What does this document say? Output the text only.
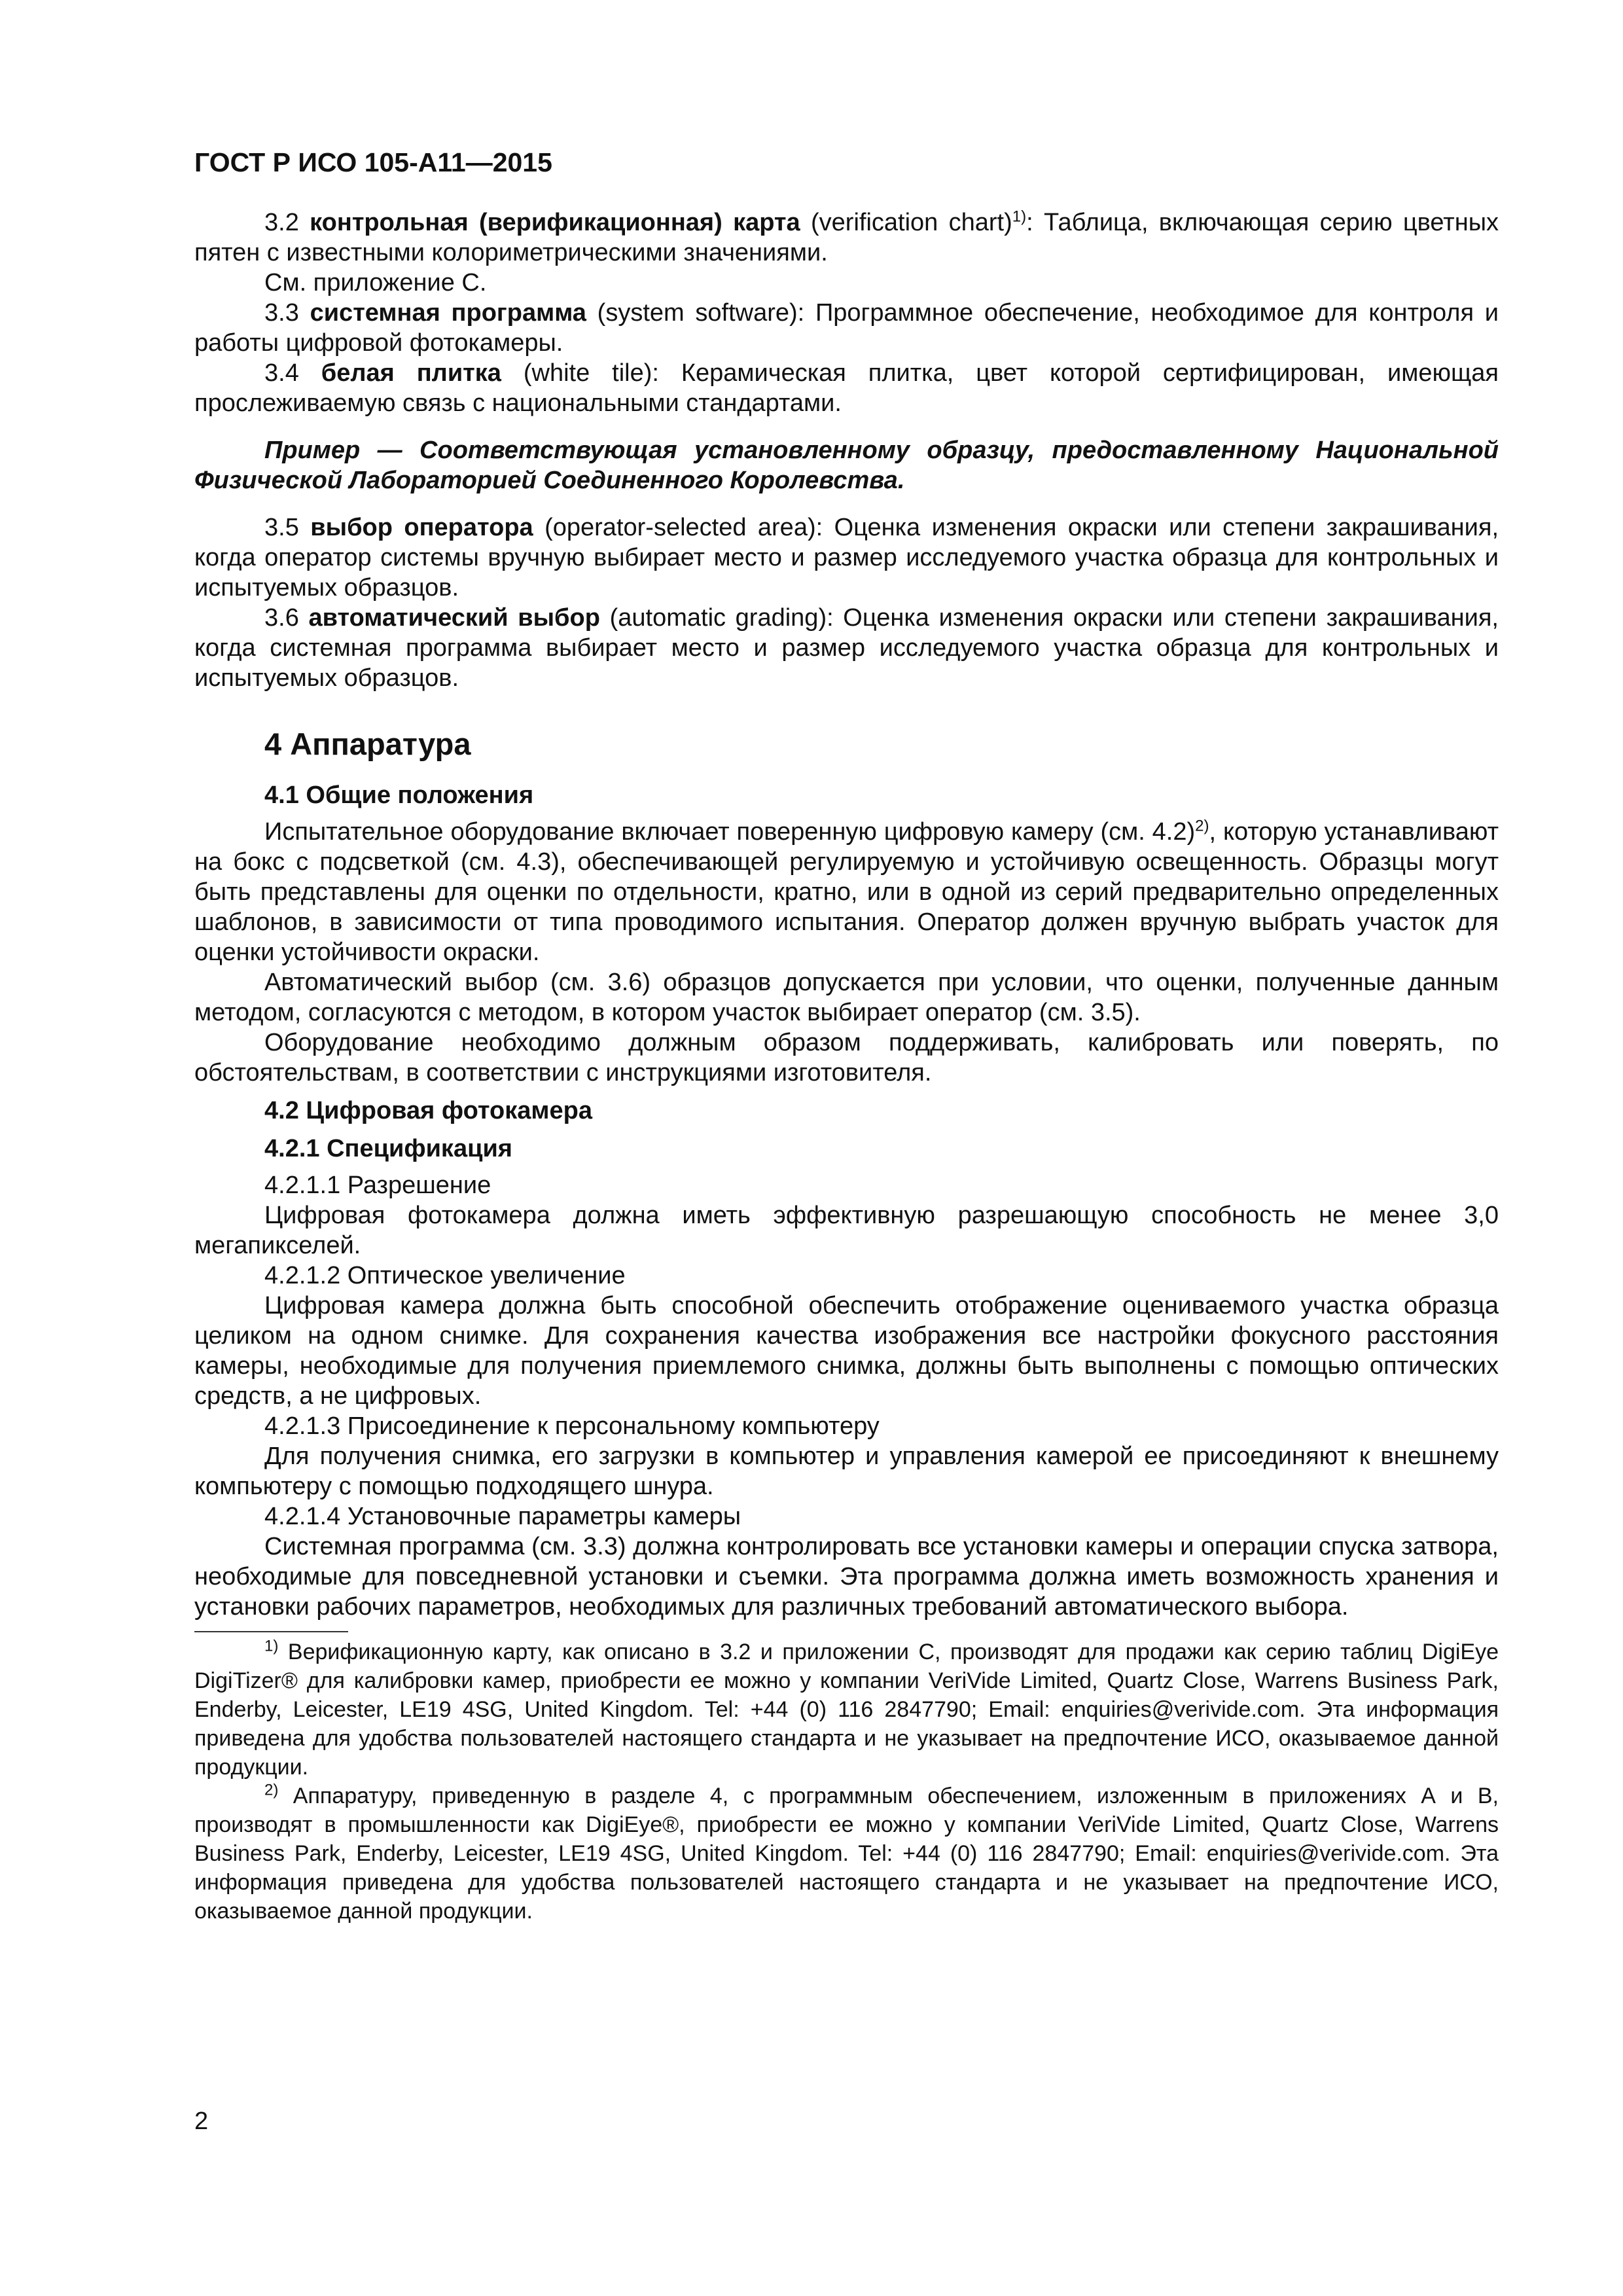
ГОСТ Р ИСО 105-А11—2015

3.2 контрольная (верификационная) карта (verification chart)$^{1)}$: Таблица, включающая серию цветных пятен с известными колориметрическими значениями.

См. приложение С.

3.3 системная программа (system software): Программное обеспечение, необходимое для контроля и работы цифровой фотокамеры.

3.4 белая плитка (white tile): Керамическая плитка, цвет которой сертифицирован, имеющая прослеживаемую связь с национальными стандартами.

Пример — Соответствующая установленному образцу, предоставленному Национальной Физической Лабораторией Соединенного Королевства.

3.5 выбор оператора (operator-selected area): Оценка изменения окраски или степени закрашивания, когда оператор системы вручную выбирает место и размер исследуемого участка образца для контрольных и испытуемых образцов.

3.6 автоматический выбор (automatic grading): Оценка изменения окраски или степени закрашивания, когда системная программа выбирает место и размер исследуемого участка образца для контрольных и испытуемых образцов.

4 Аппаратура
4.1 Общие положения

Испытательное оборудование включает поверенную цифровую камеру (см. 4.2)$^{2)}$, которую устанавливают на бокс с подсветкой (см. 4.3), обеспечивающей регулируемую и устойчивую освещенность. Образцы могут быть представлены для оценки по отдельности, кратно, или в одной из серий предварительно определенных шаблонов, в зависимости от типа проводимого испытания. Оператор должен вручную выбрать участок для оценки устойчивости окраски.

Автоматический выбор (см. 3.6) образцов допускается при условии, что оценки, полученные данным методом, согласуются с методом, в котором участок выбирает оператор (см. 3.5).

Оборудование необходимо должным образом поддерживать, калибровать или поверять, по обстоятельствам, в соответствии с инструкциями изготовителя.

4.2 Цифровая фотокамера
4.2.1 Спецификация

4.2.1.1 Разрешение

Цифровая фотокамера должна иметь эффективную разрешающую способность не менее 3,0 мегапикселей.

4.2.1.2 Оптическое увеличение

Цифровая камера должна быть способной обеспечить отображение оцениваемого участка образца целиком на одном снимке. Для сохранения качества изображения все настройки фокусного расстояния камеры, необходимые для получения приемлемого снимка, должны быть выполнены с помощью оптических средств, а не цифровых.

4.2.1.3 Присоединение к персональному компьютеру

Для получения снимка, его загрузки в компьютер и управления камерой ее присоединяют к внешнему компьютеру с помощью подходящего шнура.

4.2.1.4 Установочные параметры камеры

Системная программа (см. 3.3) должна контролировать все установки камеры и операции спуска затвора, необходимые для повседневной установки и съемки. Эта программа должна иметь возможность хранения и установки рабочих параметров, необходимых для различных требований автоматического выбора.

$^{1)}$ Верификационную карту, как описано в 3.2 и приложении С, производят для продажи как серию таблиц DigiEye DigiTizer® для калибровки камер, приобрести ее можно у компании VeriVide Limited, Quartz Close, Warrens Business Park, Enderby, Leicester, LE19 4SG, United Kingdom. Tel: +44 (0) 116 2847790; Email: enquiries@verivide.com. Эта информация приведена для удобства пользователей настоящего стандарта и не указывает на предпочтение ИСО, оказываемое данной продукции.

$^{2)}$ Аппаратуру, приведенную в разделе 4, с программным обеспечением, изложенным в приложениях А и В, производят в промышленности как DigiEye®, приобрести ее можно у компании VeriVide Limited, Quartz Close, Warrens Business Park, Enderby, Leicester, LE19 4SG, United Kingdom. Tel: +44 (0) 116 2847790; Email: enquiries@verivide.com. Эта информация приведена для удобства пользователей настоящего стандарта и не указывает на предпочтение ИСО, оказываемое данной продукции.

2
